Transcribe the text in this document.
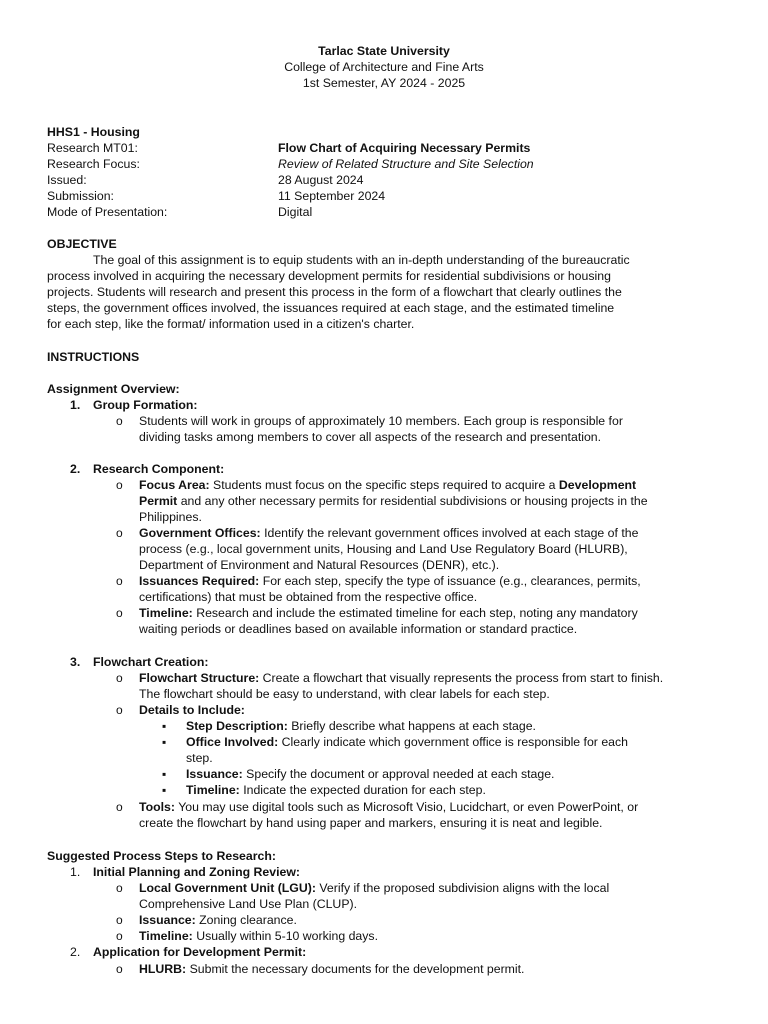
Tarlac State University
College of Architecture and Fine Arts
1st Semester, AY 2024 - 2025
HHS1 - Housing
Research MT01:	Flow Chart of Acquiring Necessary Permits
Research Focus:	Review of Related Structure and Site Selection
Issued:	28 August 2024
Submission:	11 September 2024
Mode of Presentation:	Digital
OBJECTIVE
The goal of this assignment is to equip students with an in-depth understanding of the bureaucratic
process involved in acquiring the necessary development permits for residential subdivisions or housing
projects. Students will research and present this process in the form of a flowchart that clearly outlines the
steps, the government offices involved, the issuances required at each stage, and the estimated timeline
for each step, like the format/ information used in a citizen's charter.
INSTRUCTIONS
Assignment Overview:
1. Group Formation:
o Students will work in groups of approximately 10 members. Each group is responsible for
dividing tasks among members to cover all aspects of the research and presentation.
2. Research Component:
o Focus Area: Students must focus on the specific steps required to acquire a Development
Permit and any other necessary permits for residential subdivisions or housing projects in the
Philippines.
o Government Offices: Identify the relevant government offices involved at each stage of the
process (e.g., local government units, Housing and Land Use Regulatory Board (HLURB),
Department of Environment and Natural Resources (DENR), etc.).
o Issuances Required: For each step, specify the type of issuance (e.g., clearances, permits,
certifications) that must be obtained from the respective office.
o Timeline: Research and include the estimated timeline for each step, noting any mandatory
waiting periods or deadlines based on available information or standard practice.
3. Flowchart Creation:
o Flowchart Structure: Create a flowchart that visually represents the process from start to finish.
The flowchart should be easy to understand, with clear labels for each step.
o Details to Include:
▪ Step Description: Briefly describe what happens at each stage.
▪ Office Involved: Clearly indicate which government office is responsible for each
step.
▪ Issuance: Specify the document or approval needed at each stage.
▪ Timeline: Indicate the expected duration for each step.
o Tools: You may use digital tools such as Microsoft Visio, Lucidchart, or even PowerPoint, or
create the flowchart by hand using paper and markers, ensuring it is neat and legible.
Suggested Process Steps to Research:
1. Initial Planning and Zoning Review:
o Local Government Unit (LGU): Verify if the proposed subdivision aligns with the local
Comprehensive Land Use Plan (CLUP).
o Issuance: Zoning clearance.
o Timeline: Usually within 5-10 working days.
2. Application for Development Permit:
o HLURB: Submit the necessary documents for the development permit.
